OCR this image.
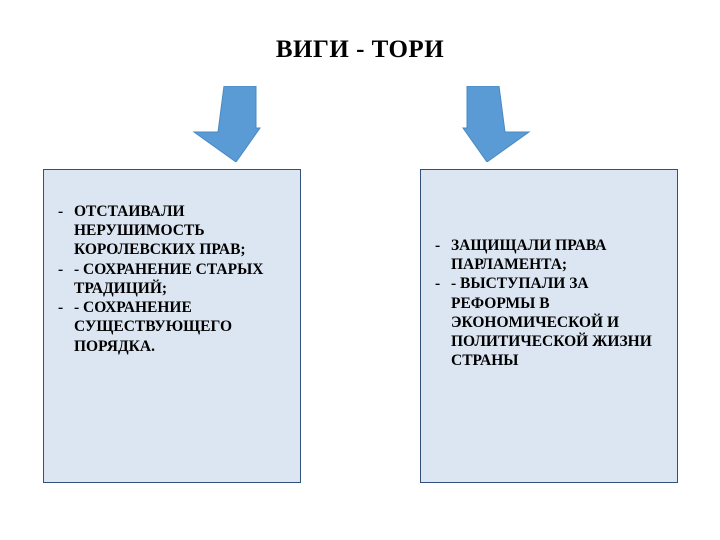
ВИГИ - ТОРИ
- ОТСТАИВАЛИ НЕРУШИМОСТЬ КОРОЛЕВСКИХ ПРАВ;
- - СОХРАНЕНИЕ СТАРЫХ ТРАДИЦИЙ;
- - СОХРАНЕНИЕ СУЩЕСТВУЮЩЕГО ПОРЯДКА.
- ЗАЩИЩАЛИ ПРАВА ПАРЛАМЕНТА;
- - ВЫСТУПАЛИ ЗА РЕФОРМЫ В ЭКОНОМИЧЕСКОЙ И ПОЛИТИЧЕСКОЙ ЖИЗНИ СТРАНЫ
